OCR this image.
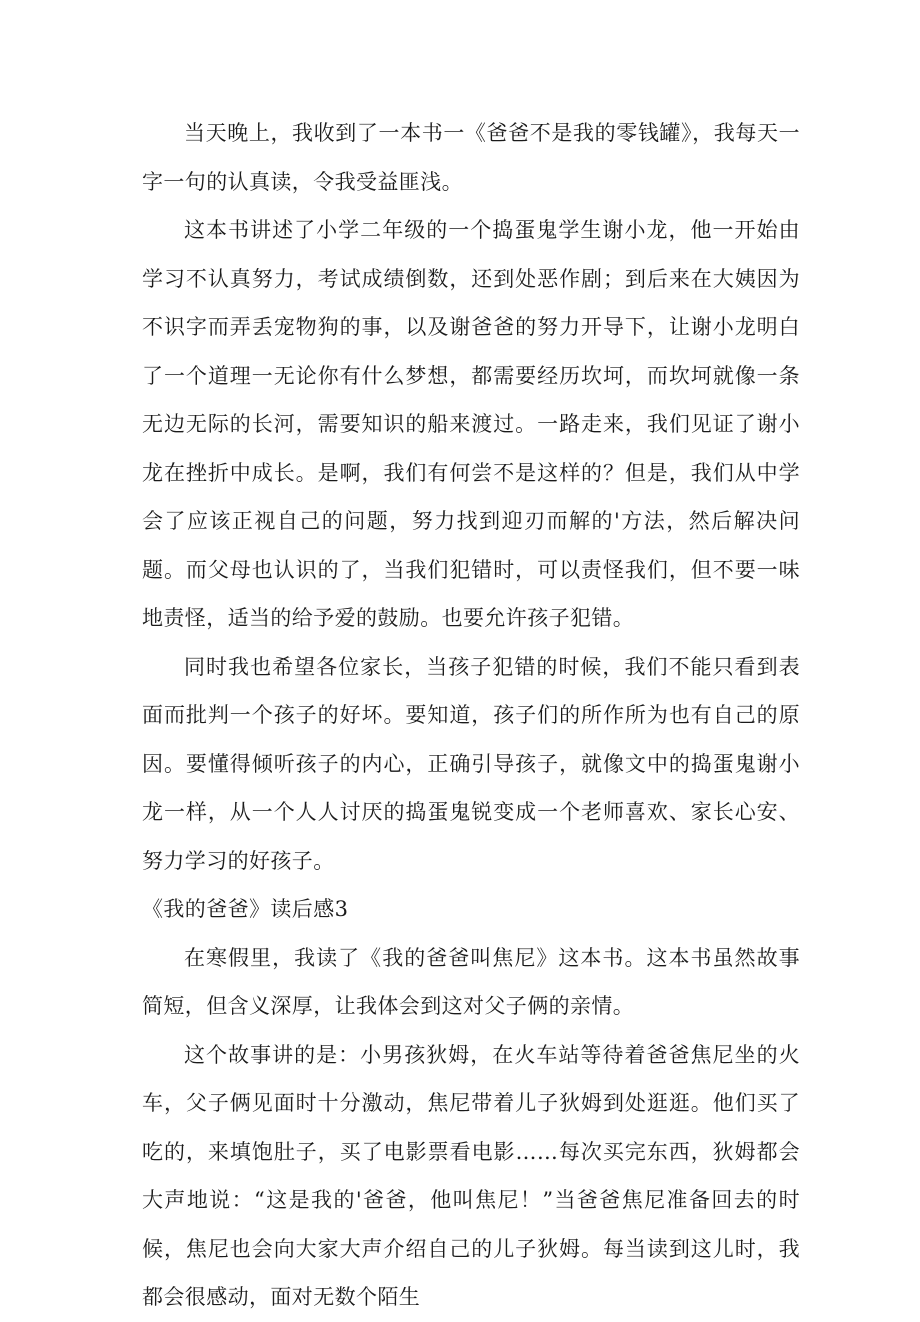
当天晚上，我收到了一本书一《爸爸不是我的零钱罐》，我每天一字一句的认真读，令我受益匪浅。

这本书讲述了小学二年级的一个捣蛋鬼学生谢小龙，他一开始由学习不认真努力，考试成绩倒数，还到处恶作剧；到后来在大姨因为不识字而弄丢宠物狗的事，以及谢爸爸的努力开导下，让谢小龙明白了一个道理一无论你有什么梦想，都需要经历坎坷，而坎坷就像一条无边无际的长河，需要知识的船来渡过。一路走来，我们见证了谢小龙在挫折中成长。是啊，我们有何尝不是这样的？但是，我们从中学会了应该正视自己的问题，努力找到迎刃而解的'方法，然后解决问题。而父母也认识的了，当我们犯错时，可以责怪我们，但不要一味地责怪，适当的给予爱的鼓励。也要允许孩子犯错。

同时我也希望各位家长，当孩子犯错的时候，我们不能只看到表面而批判一个孩子的好坏。要知道，孩子们的所作所为也有自己的原因。要懂得倾听孩子的内心，正确引导孩子，就像文中的捣蛋鬼谢小龙一样，从一个人人讨厌的捣蛋鬼锐变成一个老师喜欢、家长心安、努力学习的好孩子。

《我的爸爸》读后感3

在寒假里，我读了《我的爸爸叫焦尼》这本书。这本书虽然故事简短，但含义深厚，让我体会到这对父子俩的亲情。

这个故事讲的是：小男孩狄姆，在火车站等待着爸爸焦尼坐的火车，父子俩见面时十分激动，焦尼带着儿子狄姆到处逛逛。他们买了吃的，来填饱肚子，买了电影票看电影……每次买完东西，狄姆都会大声地说：“这是我的'爸爸，他叫焦尼！”当爸爸焦尼准备回去的时候，焦尼也会向大家大声介绍自己的儿子狄姆。每当读到这儿时，我都会很感动，面对无数个陌生
